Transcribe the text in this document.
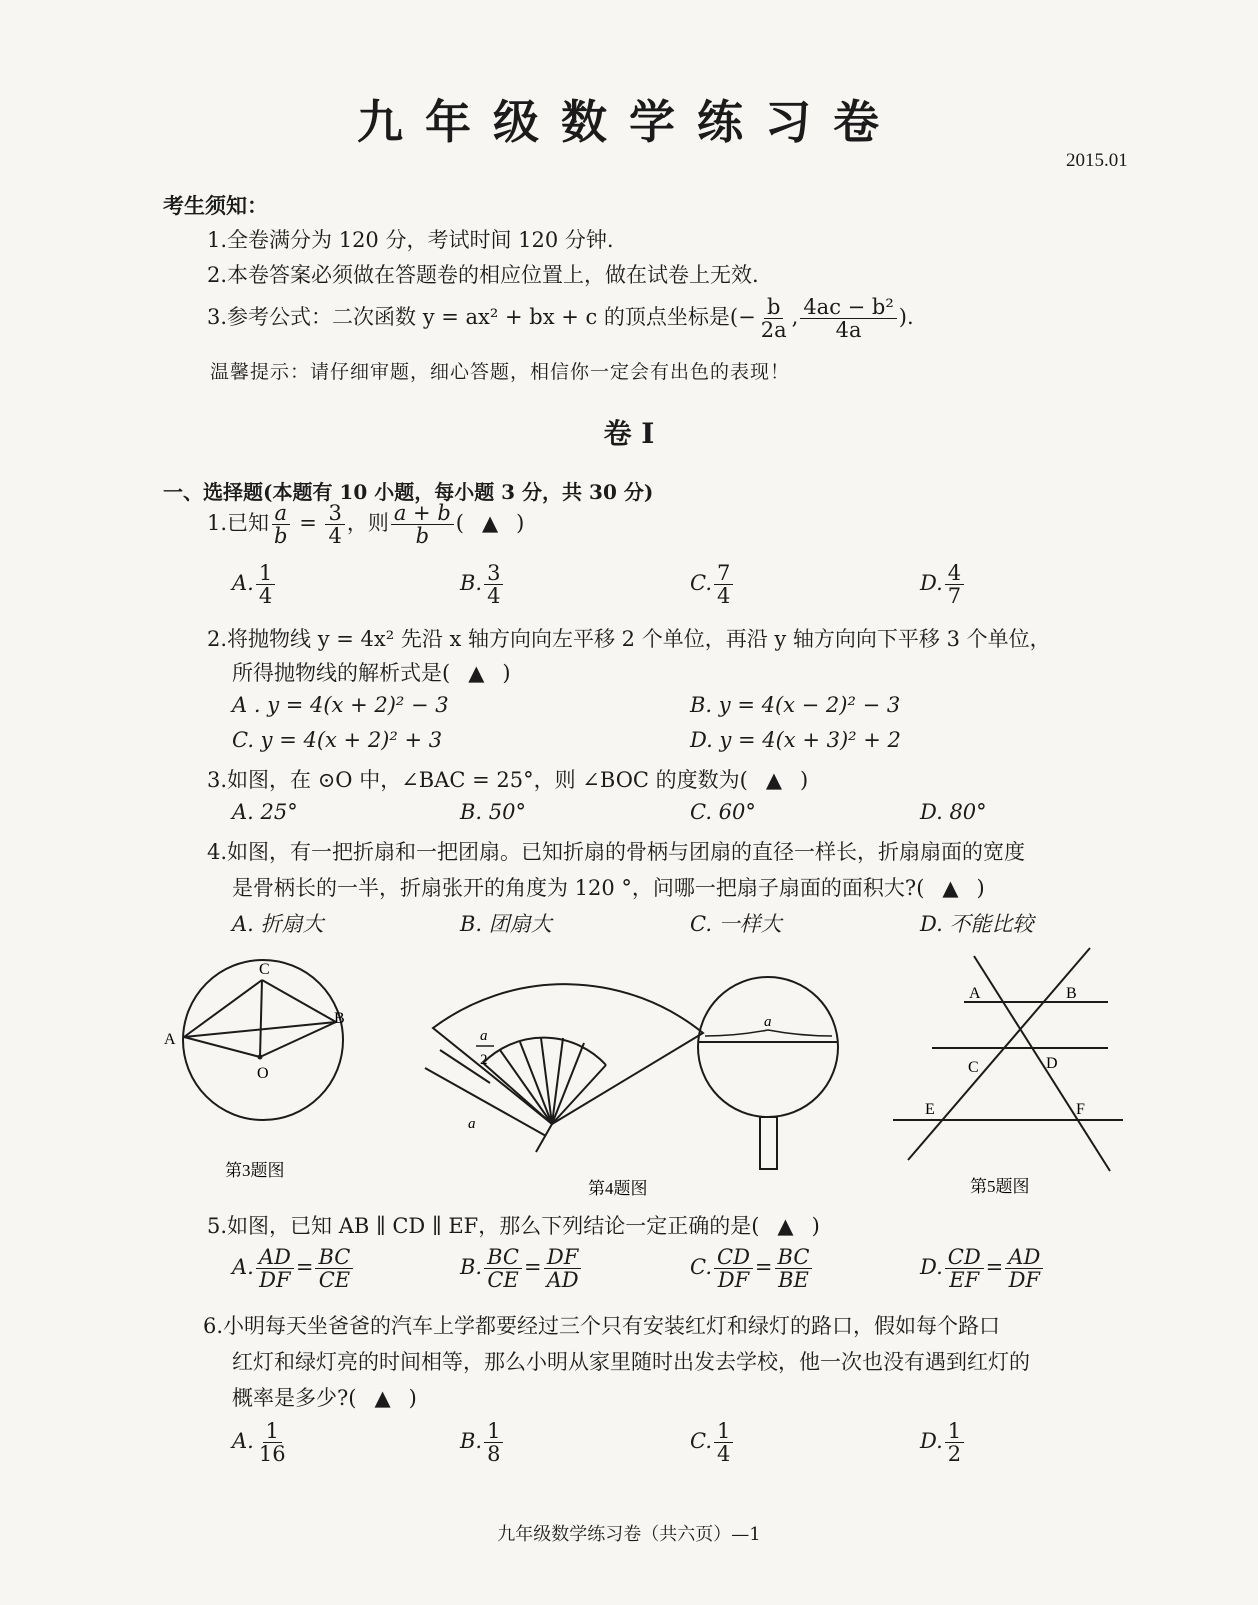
九年级数学练习卷
2015.01
考生须知：
1.全卷满分为 120 分，考试时间 120 分钟.
2.本卷答案必须做在答题卷的相应位置上，做在试卷上无效.
3.参考公式：二次函数 y = ax² + bx + c 的顶点坐标是(− $\frac{b}{2a}$ , $\frac{\text{4ac − b²}}{4a}$ ).
温馨提示：请仔细审题，细心答题，相信你一定会有出色的表现！
卷 Ⅰ
一、选择题(本题有 10 小题，每小题 3 分，共 30 分)
1.已知 $\frac{a}{b} = \frac{3}{4}$ ，则 $\frac{a + b}{b}$ ( ▲ )
A. $\frac{1}{4}$	B. $\frac{3}{4}$	C. $\frac{7}{4}$	D. $\frac{4}{7}$
2.将抛物线 y = 4x² 先沿 x 轴方向向左平移 2 个单位，再沿 y 轴方向向下平移 3 个单位，
所得抛物线的解析式是( ▲ )
A . y = 4(x + 2)² − 3	B. y = 4(x − 2)² − 3
C. y = 4(x + 2)² + 3	D. y = 4(x + 3)² + 2
3.如图，在 ⊙O 中，∠BAC = 25°，则 ∠BOC 的度数为( ▲ )
A. 25°	B. 50°	C. 60°	D. 80°
4.如图，有一把折扇和一把团扇。已知折扇的骨柄与团扇的直径一样长，折扇扇面的宽度
是骨柄长的一半，折扇张开的角度为 120 °，问哪一把扇子扇面的面积大?( ▲ )
A. 折扇大	B. 团扇大	C. 一样大	D. 不能比较
C
B
A
O
第3题图
a
2
a
第4题图
a
A	B
C	D
E	F
第5题图
5.如图，已知 AB ∥ CD ∥ EF，那么下列结论一定正确的是( ▲ )
A. $\frac{AD}{DF} = \frac{BC}{CE}$	B. $\frac{BC}{CE} = \frac{DF}{AD}$	C. $\frac{CD}{DF} = \frac{BC}{BE}$	D. $\frac{CD}{EF} = \frac{AD}{DF}$
6.小明每天坐爸爸的汽车上学都要经过三个只有安装红灯和绿灯的路口，假如每个路口
红灯和绿灯亮的时间相等，那么小明从家里随时出发去学校，他一次也没有遇到红灯的
概率是多少?( ▲ )
A. $\frac{1}{16}$	B. $\frac{1}{8}$	C. $\frac{1}{4}$	D. $\frac{1}{2}$
九年级数学练习卷（共六页）—1
